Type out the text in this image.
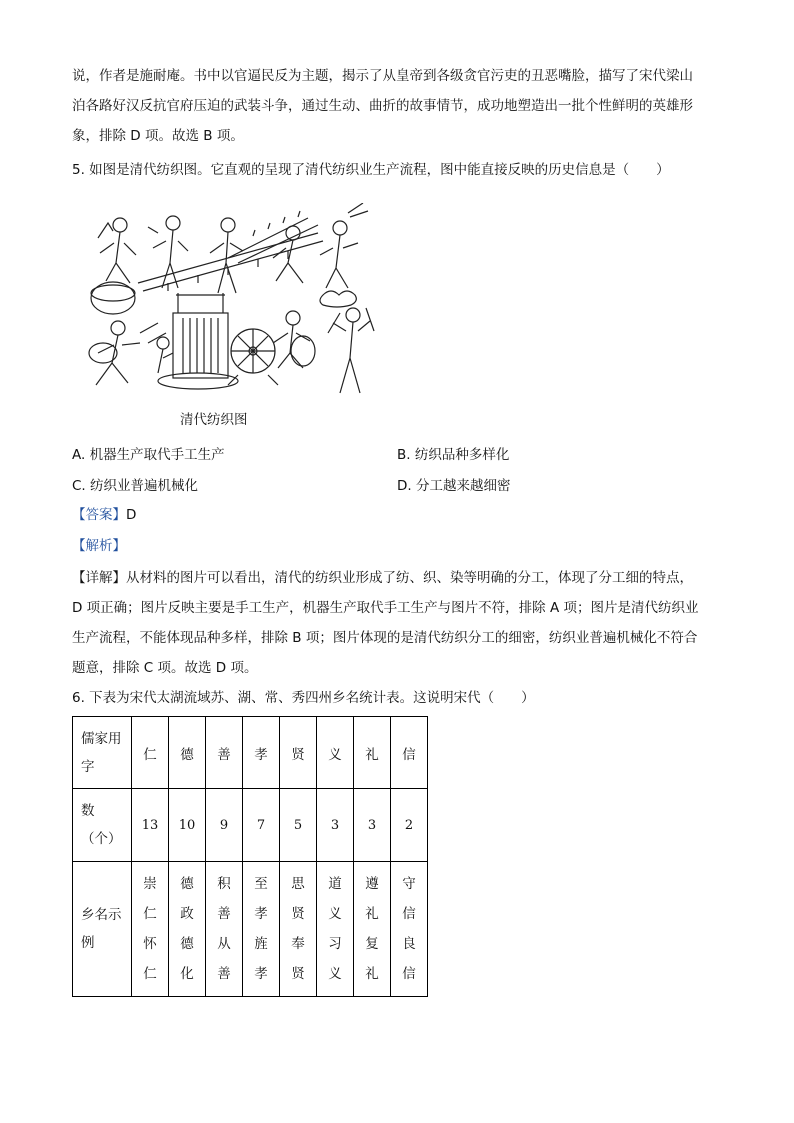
说，作者是施耐庵。书中以官逼民反为主题，揭示了从皇帝到各级贪官污吏的丑恶嘴脸，描写了宋代梁山
泊各路好汉反抗官府压迫的武装斗争，通过生动、曲折的故事情节，成功地塑造出一批个性鲜明的英雄形
象，排除 D 项。故选 B 项。
5. 如图是清代纺织图。它直观的呈现了清代纺织业生产流程，图中能直接反映的历史信息是（　　）
清代纺织图
A. 机器生产取代手工生产	B. 纺织品种多样化
C. 纺织业普遍机械化	D. 分工越来越细密
【答案】D
【解析】
【详解】从材料的图片可以看出，清代的纺织业形成了纺、织、染等明确的分工，体现了分工细的特点，
D 项正确；图片反映主要是手工生产，机器生产取代手工生产与图片不符，排除 A 项；图片是清代纺织业
生产流程，不能体现品种多样，排除 B 项；图片体现的是清代纺织分工的细密，纺织业普遍机械化不符合
题意，排除 C 项。故选 D 项。
6. 下表为宋代太湖流域苏、湖、常、秀四州乡名统计表。这说明宋代（　　）
儒家用
字	仁	德	善	孝	贤	义	礼	信
数
（个）	13	10	9	7	5	3	3	2
乡名示
例	崇
仁
怀
仁	德
政
德
化	积
善
从
善	至
孝
旌
孝	思
贤
奉
贤	道
义
习
义	遵
礼
复
礼	守
信
良
信
